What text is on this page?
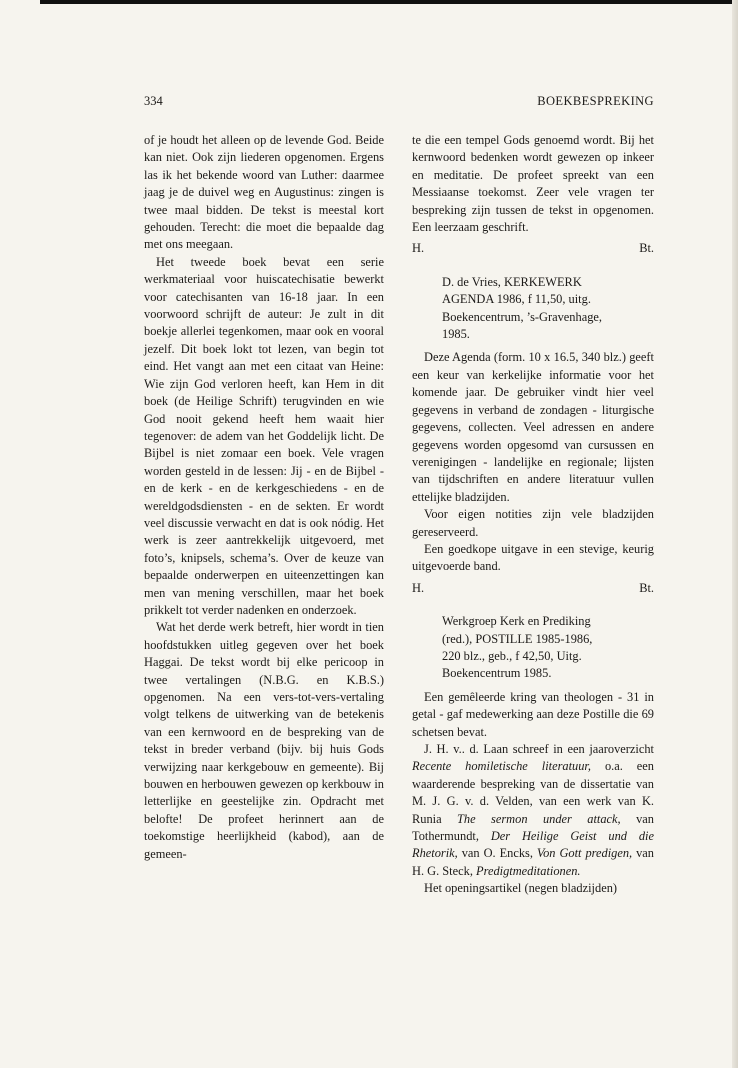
334	BOEKBESPREKING

of je houdt het alleen op de levende God. Beide kan niet. Ook zijn liederen opgenomen. Ergens las ik het bekende woord van Luther: daarmee jaag je de duivel weg en Augustinus: zingen is twee maal bidden. De tekst is meestal kort gehouden. Terecht: die moet die bepaalde dag met ons meegaan.

Het tweede boek bevat een serie werkmateriaal voor huiscatechisatie bewerkt voor catechisanten van 16-18 jaar. In een voorwoord schrijft de auteur: Je zult in dit boekje allerlei tegenkomen, maar ook en vooral jezelf. Dit boek lokt tot lezen, van begin tot eind. Het vangt aan met een citaat van Heine: Wie zijn God verloren heeft, kan Hem in dit boek (de Heilige Schrift) terugvinden en wie God nooit gekend heeft hem waait hier tegenover: de adem van het Goddelijk licht. De Bijbel is niet zomaar een boek. Vele vragen worden gesteld in de lessen: Jij - en de Bijbel - en de kerk - en de kerkgeschiedens - en de wereldgodsdiensten - en de sekten. Er wordt veel discussie verwacht en dat is ook nódig. Het werk is zeer aantrekkelijk uitgevoerd, met foto’s, knipsels, schema’s. Over de keuze van bepaalde onderwerpen en uiteenzettingen kan men van mening verschillen, maar het boek prikkelt tot verder nadenken en onderzoek.

Wat het derde werk betreft, hier wordt in tien hoofdstukken uitleg gegeven over het boek Haggai. De tekst wordt bij elke pericoop in twee vertalingen (N.B.G. en K.B.S.) opgenomen. Na een vers-tot-vers-vertaling volgt telkens de uitwerking van de betekenis van een kernwoord en de bespreking van de tekst in breder verband (bijv. bij huis Gods verwijzing naar kerkgebouw en gemeente). Bij bouwen en herbouwen gewezen op kerkbouw in letterlijke en geestelijke zin. Opdracht met belofte! De profeet herinnert aan de toekomstige heerlijkheid (kabod), aan de gemeen-

te die een tempel Gods genoemd wordt. Bij het kernwoord bedenken wordt gewezen op inkeer en meditatie. De profeet spreekt van een Messiaanse toekomst. Zeer vele vragen ter bespreking zijn tussen de tekst in opgenomen. Een leerzaam geschrift.

H.	Bt.

D. de Vries, KERKEWERK
AGENDA 1986, f 11,50, uitg.
Boekencentrum, ’s-Gravenhage,
1985.

Deze Agenda (form. 10 x 16.5, 340 blz.) geeft een keur van kerkelijke informatie voor het komende jaar. De gebruiker vindt hier veel gegevens in verband de zondagen - liturgische gegevens, collecten. Veel adressen en andere gegevens worden opgesomd van cursussen en verenigingen - landelijke en regionale; lijsten van tijdschriften en andere literatuur vullen ettelijke bladzijden.

Voor eigen notities zijn vele bladzijden gereserveerd.

Een goedkope uitgave in een stevige, keurig uitgevoerde band.

H.	Bt.

Werkgroep Kerk en Prediking
(red.), POSTILLE 1985-1986,
220 blz., geb., f 42,50, Uitg.
Boekencentrum 1985.

Een gemêleerde kring van theologen - 31 in getal - gaf medewerking aan deze Postille die 69 schetsen bevat.

J. H. v.. d. Laan schreef in een jaaroverzicht Recente homiletische literatuur, o.a. een waarderende bespreking van de dissertatie van M. J. G. v. d. Velden, van een werk van K. Runia The sermon under attack, van Tothermundt, Der Heilige Geist und die Rhetorik, van O. Encks, Von Gott predigen, van H. G. Steck, Predigtmeditationen.

Het openingsartikel (negen bladzijden)
